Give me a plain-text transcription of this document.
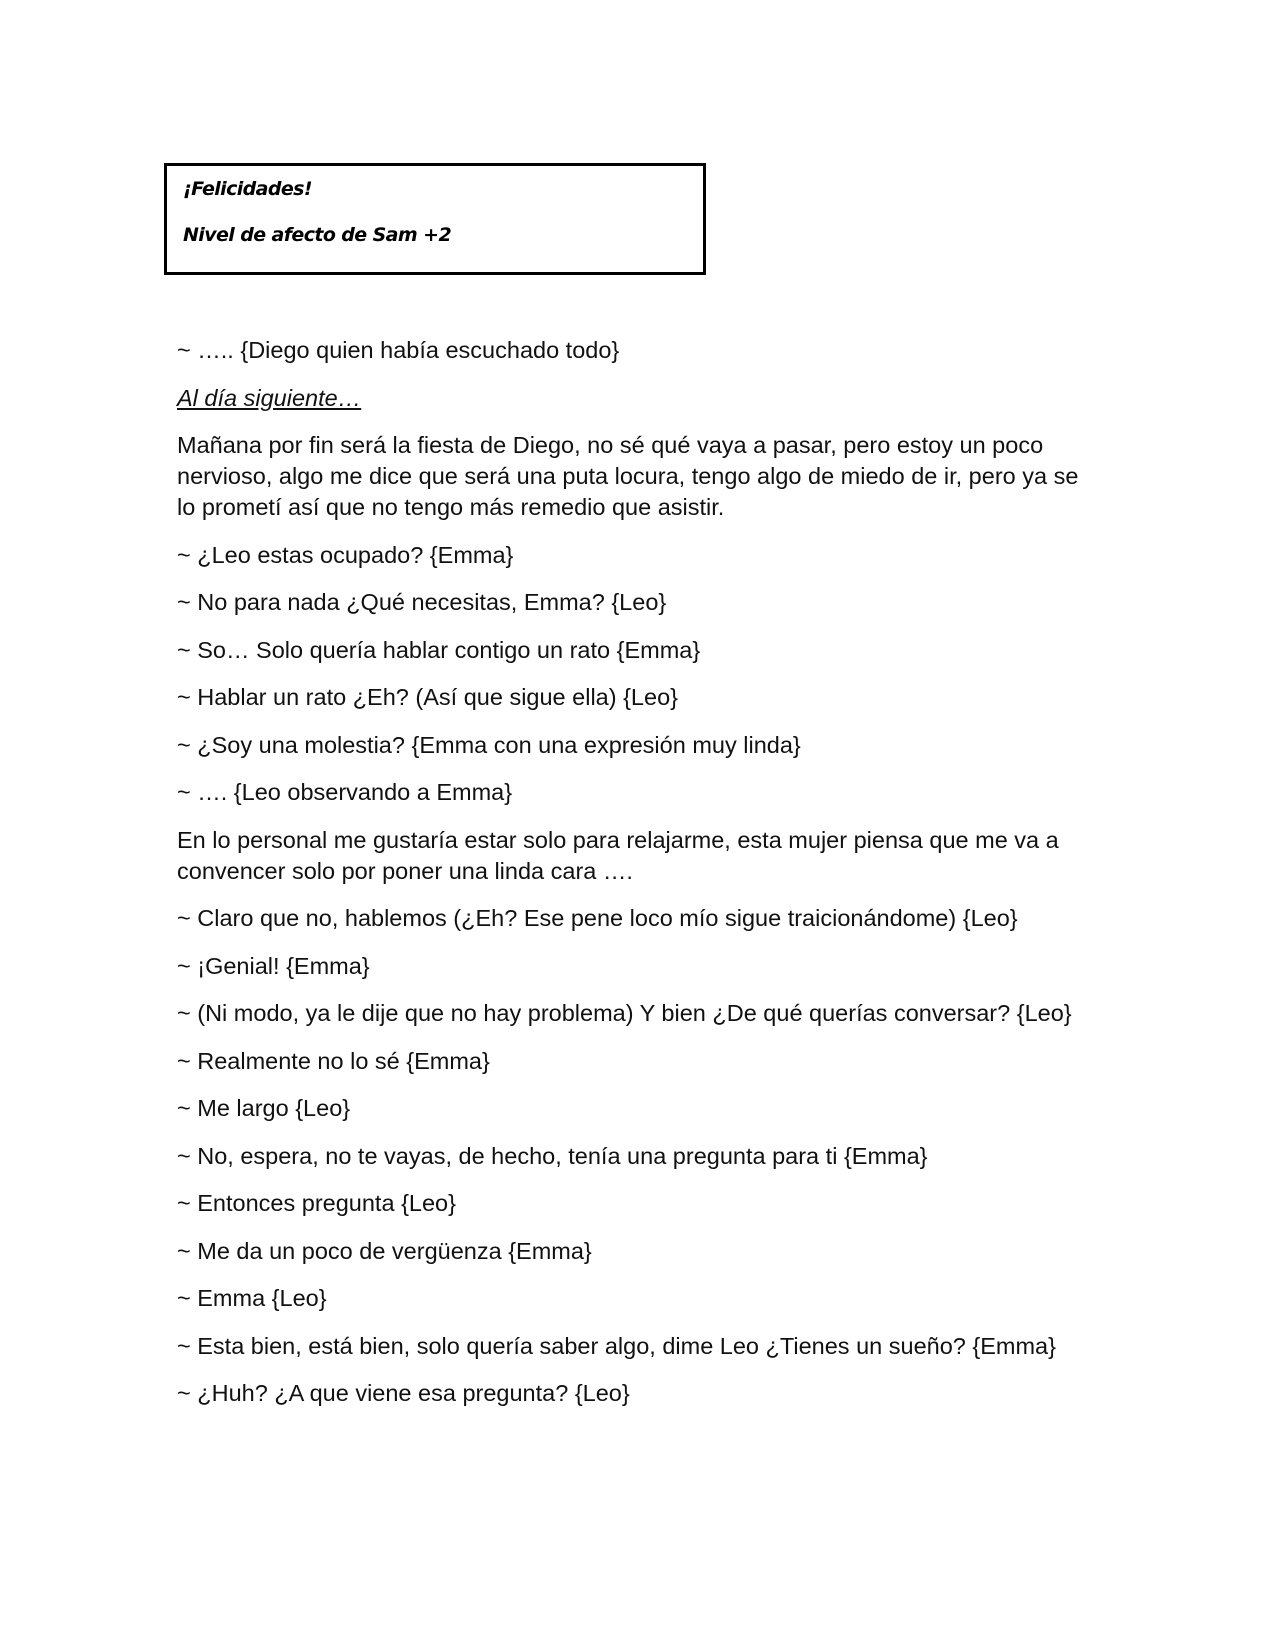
¡Felicidades!
Nivel de afecto de Sam +2

~ ….. {Diego quien había escuchado todo}

Al día siguiente…

Mañana por fin será la fiesta de Diego, no sé qué vaya a pasar, pero estoy un poco nervioso, algo me dice que será una puta locura, tengo algo de miedo de ir, pero ya se lo prometí así que no tengo más remedio que asistir.

~ ¿Leo estas ocupado? {Emma}

~ No para nada ¿Qué necesitas, Emma? {Leo}

~ So… Solo quería hablar contigo un rato {Emma}

~ Hablar un rato ¿Eh? (Así que sigue ella) {Leo}

~ ¿Soy una molestia? {Emma con una expresión muy linda}

~ …. {Leo observando a Emma}

En lo personal me gustaría estar solo para relajarme, esta mujer piensa que me va a convencer solo por poner una linda cara ….

~ Claro que no, hablemos (¿Eh? Ese pene loco mío sigue traicionándome) {Leo}

~ ¡Genial! {Emma}

~ (Ni modo, ya le dije que no hay problema) Y bien ¿De qué querías conversar? {Leo}

~ Realmente no lo sé {Emma}

~ Me largo {Leo}

~ No, espera, no te vayas, de hecho, tenía una pregunta para ti {Emma}

~ Entonces pregunta {Leo}

~ Me da un poco de vergüenza {Emma}

~ Emma {Leo}

~ Esta bien, está bien, solo quería saber algo, dime Leo ¿Tienes un sueño? {Emma}

~ ¿Huh? ¿A que viene esa pregunta? {Leo}
